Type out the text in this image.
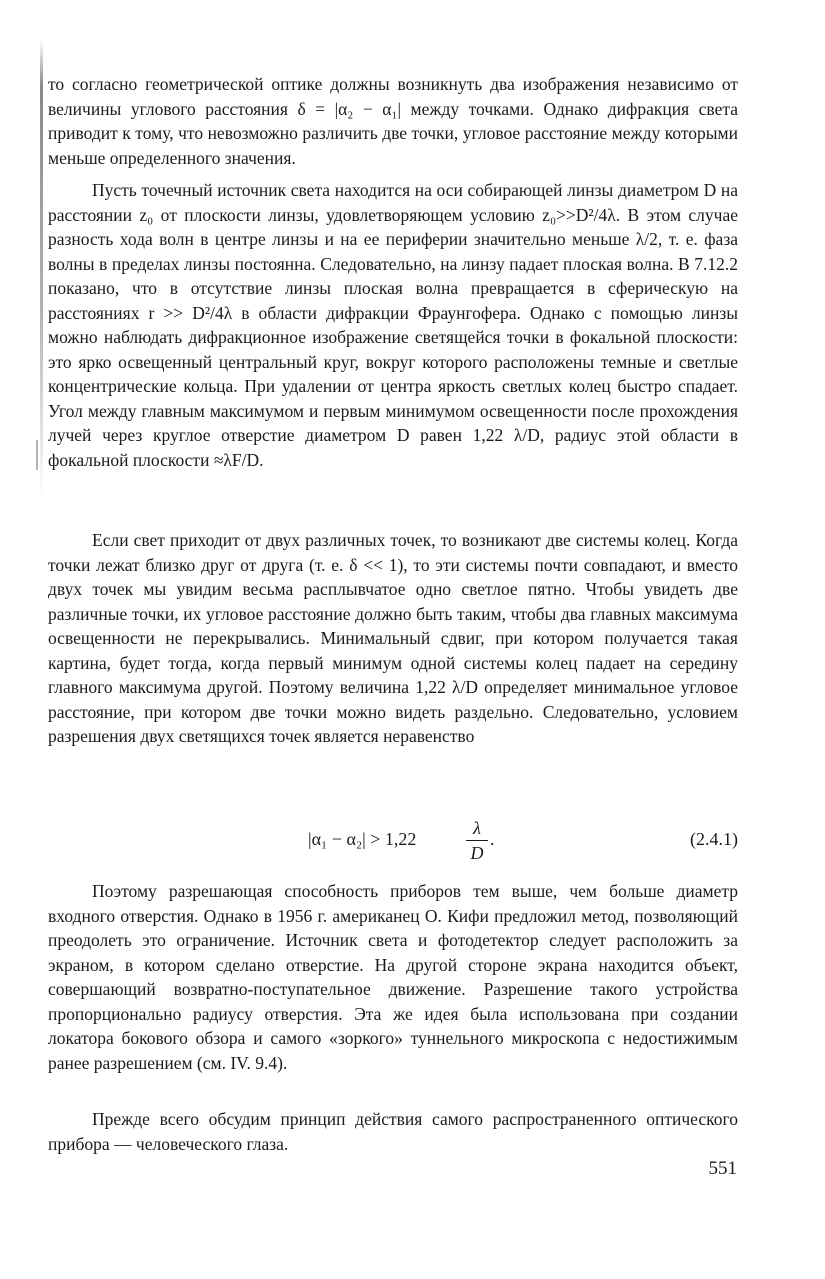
то согласно геометрической оптике должны возникнуть два изображения независимо от величины углового расстояния δ = |α₂ − α₁| между точками. Однако дифракция света приводит к тому, что невозможно различить две точки, угловое расстояние между которыми меньше определенного значения.

Пусть точечный источник света находится на оси собирающей линзы диаметром D на расстоянии z₀ от плоскости линзы, удовлетворяющем условию z₀>>D²/4λ. В этом случае разность хода волн в центре линзы и на ее периферии значительно меньше λ/2, т. е. фаза волны в пределах линзы постоянна. Следовательно, на линзу падает плоская волна. В 7.12.2 показано, что в отсутствие линзы плоская волна превращается в сферическую на расстояниях r >> D²/4λ в области дифракции Фраунгофера. Однако с помощью линзы можно наблюдать дифракционное изображение светящейся точки в фокальной плоскости: это ярко освещенный центральный круг, вокруг которого расположены темные и светлые концентрические кольца. При удалении от центра яркость светлых колец быстро спадает. Угол между главным максимумом и первым минимумом освещенности после прохождения лучей через круглое отверстие диаметром D равен 1,22 λ/D, радиус этой области в фокальной плоскости ≈λF/D.

Если свет приходит от двух различных точек, то возникают две системы колец. Когда точки лежат близко друг от друга (т. е. δ << 1), то эти системы почти совпадают, и вместо двух точек мы увидим весьма расплывчатое одно светлое пятно. Чтобы увидеть две различные точки, их угловое расстояние должно быть таким, чтобы два главных максимума освещенности не перекрывались. Минимальный сдвиг, при котором получается такая картина, будет тогда, когда первый минимум одной системы колец падает на середину главного максимума другой. Поэтому величина 1,22 λ/D определяет минимальное угловое расстояние, при котором две точки можно видеть раздельно. Следовательно, условием разрешения двух светящихся точек является неравенство

|α₁ − α₂| > 1,22
λ
D
.	(2.4.1)

Поэтому разрешающая способность приборов тем выше, чем больше диаметр входного отверстия. Однако в 1956 г. американец О. Кифи предложил метод, позволяющий преодолеть это ограничение. Источник света и фотодетектор следует расположить за экраном, в котором сделано отверстие. На другой стороне экрана находится объект, совершающий возвратно-поступательное движение. Разрешение такого устройства пропорционально радиусу отверстия. Эта же идея была использована при создании локатора бокового обзора и самого «зоркого» туннельного микроскопа с недостижимым ранее разрешением (см. IV. 9.4).

Прежде всего обсудим принцип действия самого распространенного оптического прибора — человеческого глаза.

551
